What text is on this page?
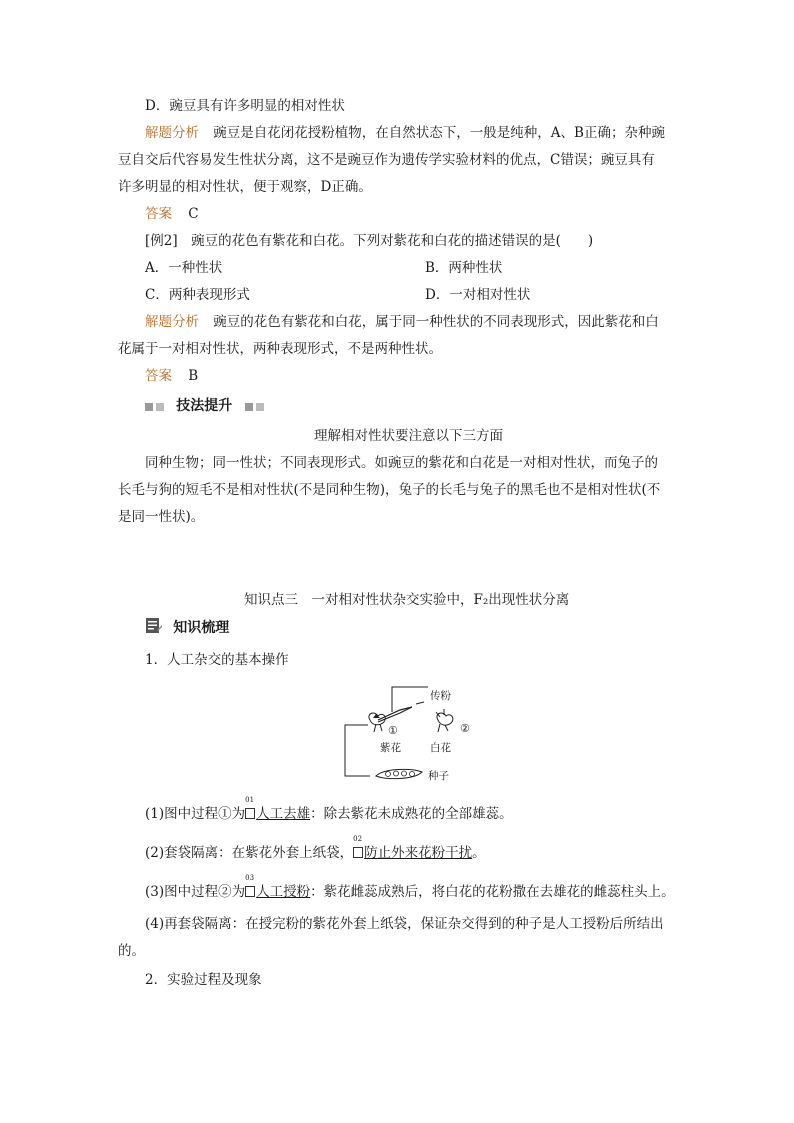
D．豌豆具有许多明显的相对性状
解题分析 豌豆是自花闭花授粉植物，在自然状态下，一般是纯种，A、B正确；杂种豌
豆自交后代容易发生性状分离，这不是豌豆作为遗传学实验材料的优点，C错误；豌豆具有
许多明显的相对性状，便于观察，D正确。
答案 C
[例2]　豌豆的花色有紫花和白花。下列对紫花和白花的描述错误的是(　　)
A．一种性状	B．两种性状
C．两种表现形式	D．一对相对性状
解题分析 豌豆的花色有紫花和白花，属于同一种性状的不同表现形式，因此紫花和白
花属于一对相对性状，两种表现形式，不是两种性状。
答案 B
技法提升
理解相对性状要注意以下三方面
同种生物；同一性状；不同表现形式。如豌豆的紫花和白花是一对相对性状，而兔子的
长毛与狗的短毛不是相对性状(不是同种生物)，兔子的长毛与兔子的黑毛也不是相对性状(不
是同一性状)。
知识点三　一对相对性状杂交实验中，F₂出现性状分离
知识梳理
1．人工杂交的基本操作
传粉
①	②
紫花	白花
种子
(1)图中过程①为
01
人工去雄：除去紫花未成熟花的全部雄蕊。
(2)套袋隔离：在紫花外套上纸袋，
02
防止外来花粉干扰。
(3)图中过程②为
03
人工授粉：紫花雌蕊成熟后，将白花的花粉撒在去雄花的雌蕊柱头上。
(4)再套袋隔离：在授完粉的紫花外套上纸袋，保证杂交得到的种子是人工授粉后所结出
的。
2．实验过程及现象
